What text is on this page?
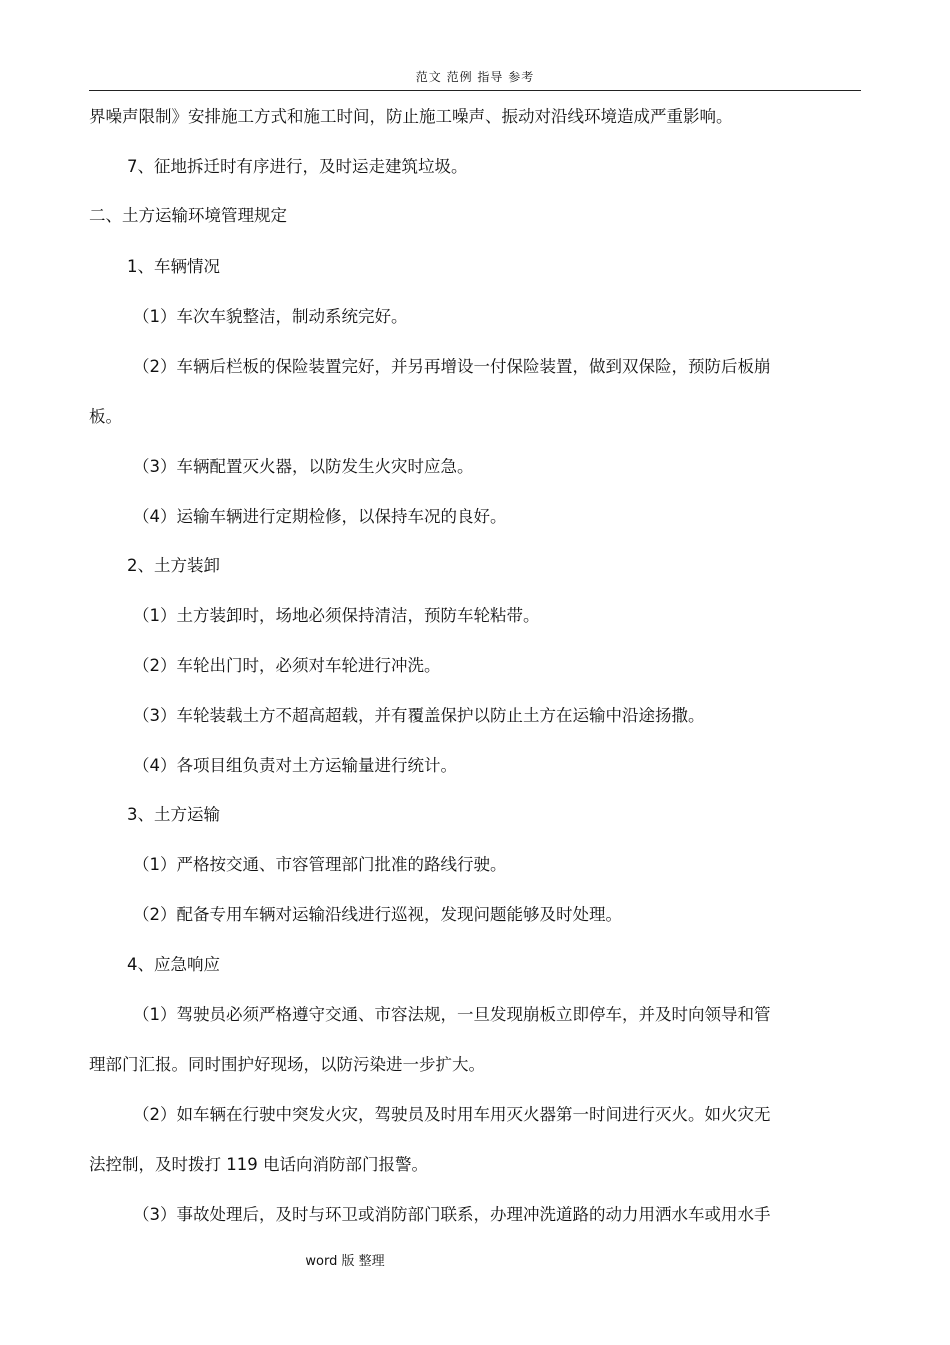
范文 范例 指导 参考
界噪声限制》安排施工方式和施工时间，防止施工噪声、振动对沿线环境造成严重影响。
7、征地拆迁时有序进行，及时运走建筑垃圾。
二、土方运输环境管理规定
1、车辆情况
（1）车次车貌整洁，制动系统完好。
（2）车辆后栏板的保险装置完好，并另再增设一付保险装置，做到双保险，预防后板崩
板。
（3）车辆配置灭火器，以防发生火灾时应急。
（4）运输车辆进行定期检修，以保持车况的良好。
2、土方装卸
（1）土方装卸时，场地必须保持清洁，预防车轮粘带。
（2）车轮出门时，必须对车轮进行冲洗。
（3）车轮装载土方不超高超载，并有覆盖保护以防止土方在运输中沿途扬撒。
（4）各项目组负责对土方运输量进行统计。
3、土方运输
（1）严格按交通、市容管理部门批准的路线行驶。
（2）配备专用车辆对运输沿线进行巡视，发现问题能够及时处理。
4、应急响应
（1）驾驶员必须严格遵守交通、市容法规，一旦发现崩板立即停车，并及时向领导和管
理部门汇报。同时围护好现场，以防污染进一步扩大。
（2）如车辆在行驶中突发火灾，驾驶员及时用车用灭火器第一时间进行灭火。如火灾无
法控制，及时拨打 119 电话向消防部门报警。
（3）事故处理后，及时与环卫或消防部门联系，办理冲洗道路的动力用洒水车或用水手
word 版 整理
